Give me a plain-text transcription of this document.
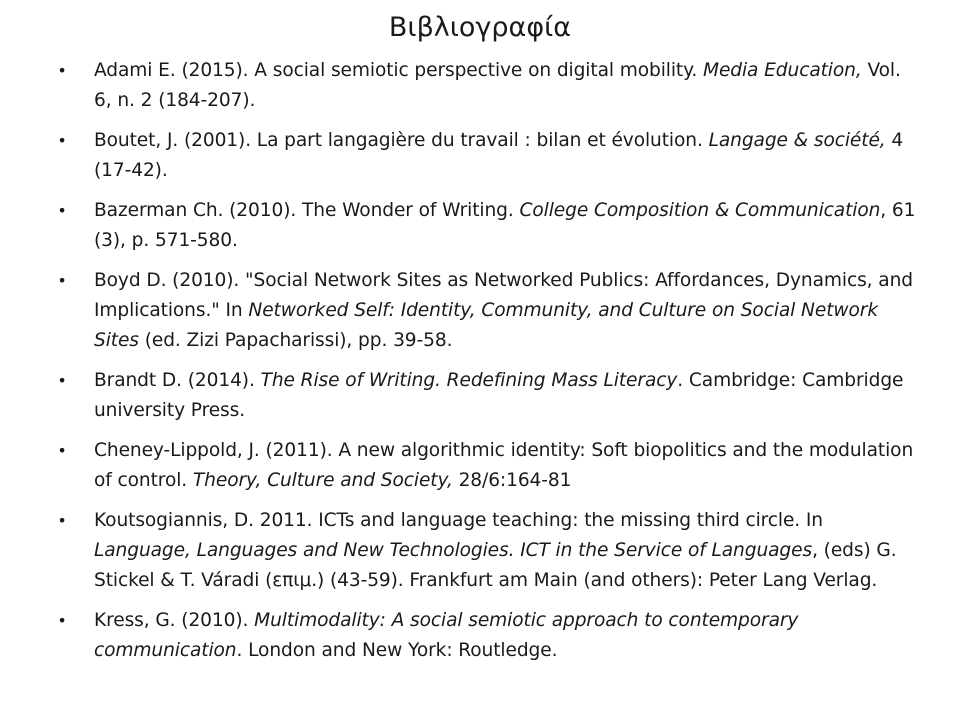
Βιβλιογραφία
• Adami E. (2015). A social semiotic perspective on digital mobility. Media Education, Vol. 6, n. 2 (184-207).
• Boutet, J. (2001). La part langagière du travail : bilan et évolution. Langage & société, 4 (17-42).
• Bazerman Ch. (2010). The Wonder of Writing. College Composition & Communication, 61 (3), p. 571-580.
• Boyd D. (2010). "Social Network Sites as Networked Publics: Affordances, Dynamics, and Implications." In Networked Self: Identity, Community, and Culture on Social Network Sites (ed. Zizi Papacharissi), pp. 39-58.
• Brandt D. (2014). The Rise of Writing. Redefining Mass Literacy. Cambridge: Cambridge university Press.
• Cheney-Lippold, J. (2011). A new algorithmic identity: Soft biopolitics and the modulation of control. Theory, Culture and Society, 28/6:164-81
• Koutsogiannis, D. 2011. ICTs and language teaching: the missing third circle. In Language, Languages and New Technologies. ICT in the Service of Languages, (eds) G. Stickel & T. Váradi (επιμ.) (43-59). Frankfurt am Main (and others): Peter Lang Verlag.
• Kress, G. (2010). Multimodality: A social semiotic approach to contemporary communication. London and New York: Routledge.
